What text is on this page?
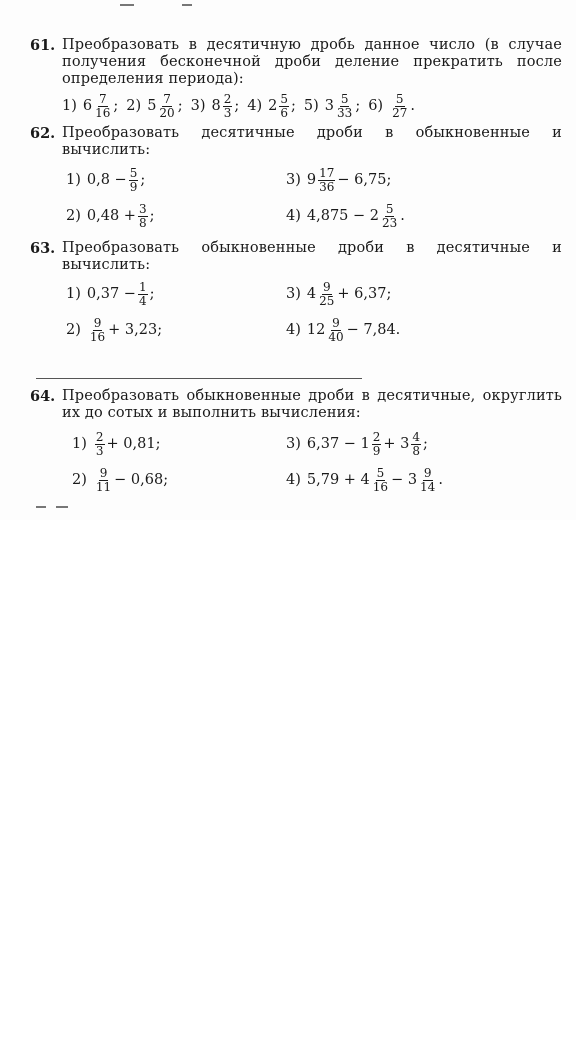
61. Преобразовать в десятичную дробь данное число (в случае получения бесконечной дроби деление прекратить после определения периода):
1) $6 \frac{7}{16}$ ; 2) $5 \frac{7}{20}$ ; 3) $8 \frac{2}{3}$ ; 4) $2 \frac{5}{6}$ ; 5) $3 \frac{5}{33}$ ; $6) \frac{5}{27}$ .
62. Преобразовать десятичные дроби в обыкновенные и вычислить:
1) $0,8 - \frac{5}{9}$ ;	3) $9 \frac{17}{36} - 6,75$;
2) $0,48 + \frac{3}{8}$ ;	4) $4,875 - 2 \frac{5}{23}$ .
63. Преобразовать обыкновенные дроби в десятичные и вычислить:
1) $0,37 - \frac{1}{4}$ ;	3) $4 \frac{9}{25} + 6,37$;
$2) \frac{9}{16} + 3,23$;	4) $12 \frac{9}{40} - 7,84$.
64. Преобразовать обыкновенные дроби в десятичные, округлить их до сотых и выполнить вычисления:
$1) \frac{2}{3} + 0,81$;	3) $6,37 - 1 \frac{2}{9} + 3 \frac{4}{8}$ ;
$2) \frac{9}{11} - 0,68$;	4) $5,79 + 4 \frac{5}{16} - 3 \frac{9}{14}$ .
